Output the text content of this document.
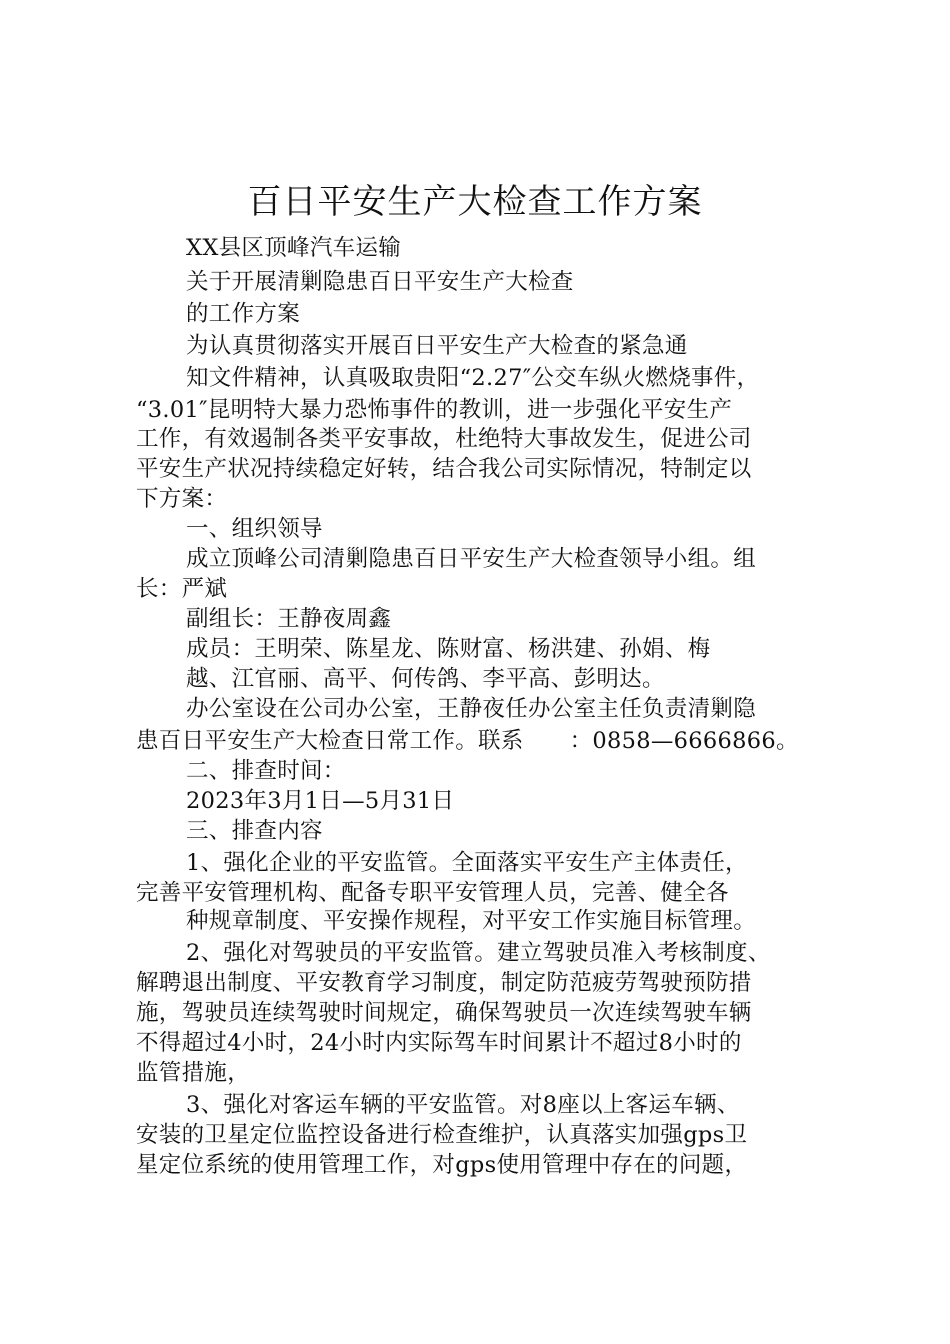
百日平安生产大检查工作方案
XX县区顶峰汽车运输
关于开展清剿隐患百日平安生产大检查
的工作方案
为认真贯彻落实开展百日平安生产大检查的紧急通
知文件精神，认真吸取贵阳“2.27″公交车纵火燃烧事件，
“3.01″昆明特大暴力恐怖事件的教训，进一步强化平安生产
工作，有效遏制各类平安事故，杜绝特大事故发生，促进公司
平安生产状况持续稳定好转，结合我公司实际情况，特制定以
下方案：
一、组织领导
成立顶峰公司清剿隐患百日平安生产大检查领导小组。组
长：严斌
副组长：王静夜周鑫
成员：王明荣、陈星龙、陈财富、杨洪建、孙娟、梅
越、江官丽、高平、何传鸽、李平高、彭明达。
办公室设在公司办公室，王静夜任办公室主任负责清剿隐
患百日平安生产大检查日常工作。联系 ：0858—6666866。
二、排查时间：
2023年3月1日—5月31日
三、排查内容
1、强化企业的平安监管。全面落实平安生产主体责任，
完善平安管理机构、配备专职平安管理人员，完善、健全各
种规章制度、平安操作规程，对平安工作实施目标管理。
2、强化对驾驶员的平安监管。建立驾驶员准入考核制度、
解聘退出制度、平安教育学习制度，制定防范疲劳驾驶预防措
施，驾驶员连续驾驶时间规定，确保驾驶员一次连续驾驶车辆
不得超过4小时，24小时内实际驾车时间累计不超过8小时的
监管措施，
3、强化对客运车辆的平安监管。对8座以上客运车辆、
安装的卫星定位监控设备进行检查维护，认真落实加强gps卫
星定位系统的使用管理工作，对gps使用管理中存在的问题，
